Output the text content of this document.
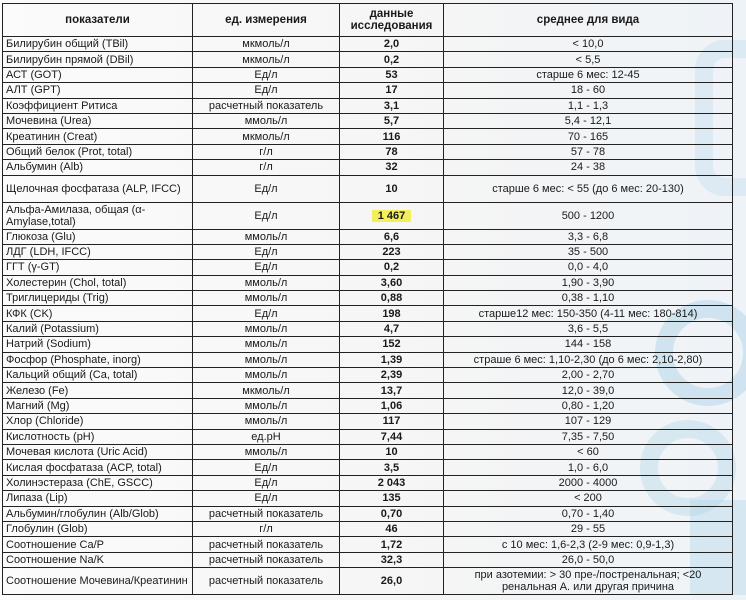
показатели	ед. измерения	данные исследования	среднее для вида
Билирубин общий (TBil)	мкмоль/л	2,0	< 10,0
Билирубин прямой (DBil)	мкмоль/л	0,2	< 5,5
АСТ (GOT)	Ед/л	53	старше 6 мес: 12-45
АЛТ (GPT)	Ед/л	17	18 - 60
Коэффициент Ритиса	расчетный показатель	3,1	1,1 - 1,3
Мочевина (Urea)	ммоль/л	5,7	5,4 - 12,1
Креатинин (Creat)	мкмоль/л	116	70 - 165
Общий белок (Prot, total)	г/л	78	57 - 78
Альбумин (Alb)	г/л	32	24 - 38
Щелочная фосфатаза (ALP, IFCC)	Ед/л	10	старше 6 мес: < 55 (до 6 мес: 20-130)
Альфа-Амилаза, общая (α-Amylase,total)	Ед/л	1 467	500 - 1200
Глюкоза (Glu)	ммоль/л	6,6	3,3 - 6,8
ЛДГ (LDH, IFCC)	Ед/л	223	35 - 500
ГГТ (γ-GT)	Ед/л	0,2	0,0 - 4,0
Холестерин (Chol, total)	ммоль/л	3,60	1,90 - 3,90
Триглицериды (Trig)	ммоль/л	0,88	0,38 - 1,10
КФК (CK)	Ед/л	198	старше12 мес: 150-350 (4-11 мес: 180-814)
Калий (Potassium)	ммоль/л	4,7	3,6 - 5,5
Натрий (Sodium)	ммоль/л	152	144 - 158
Фосфор (Phosphate, inorg)	ммоль/л	1,39	страше 6 мес: 1,10-2,30 (до 6 мес: 2,10-2,80)
Кальций общий (Ca, total)	ммоль/л	2,39	2,00 - 2,70
Железо (Fe)	мкмоль/л	13,7	12,0 - 39,0
Магний (Mg)	ммоль/л	1,06	0,80 - 1,20
Хлор (Chloride)	ммоль/л	117	107 - 129
Кислотность (pH)	ед.pH	7,44	7,35 - 7,50
Мочевая кислота (Uric Acid)	ммоль/л	10	< 60
Кислая фосфатаза (ACP, total)	Ед/л	3,5	1,0 - 6,0
Холинэстераза (ChE, GSCC)	Ед/л	2 043	2000 - 4000
Липаза (Lip)	Ед/л	135	< 200
Альбумин/глобулин (Alb/Glob)	расчетный показатель	0,70	0,70 - 1,40
Глобулин (Glob)	г/л	46	29 - 55
Соотношение Ca/P	расчетный показатель	1,72	с 10 мес: 1,6-2,3 (2-9 мес: 0,9-1,3)
Соотношение Na/K	расчетный показатель	32,3	26,0 - 50,0
Соотношение Мочевина/Креатинин	расчетный показатель	26,0	при азотемии: > 30 пре-/постренальная; <20 ренальная А. или другая причина
